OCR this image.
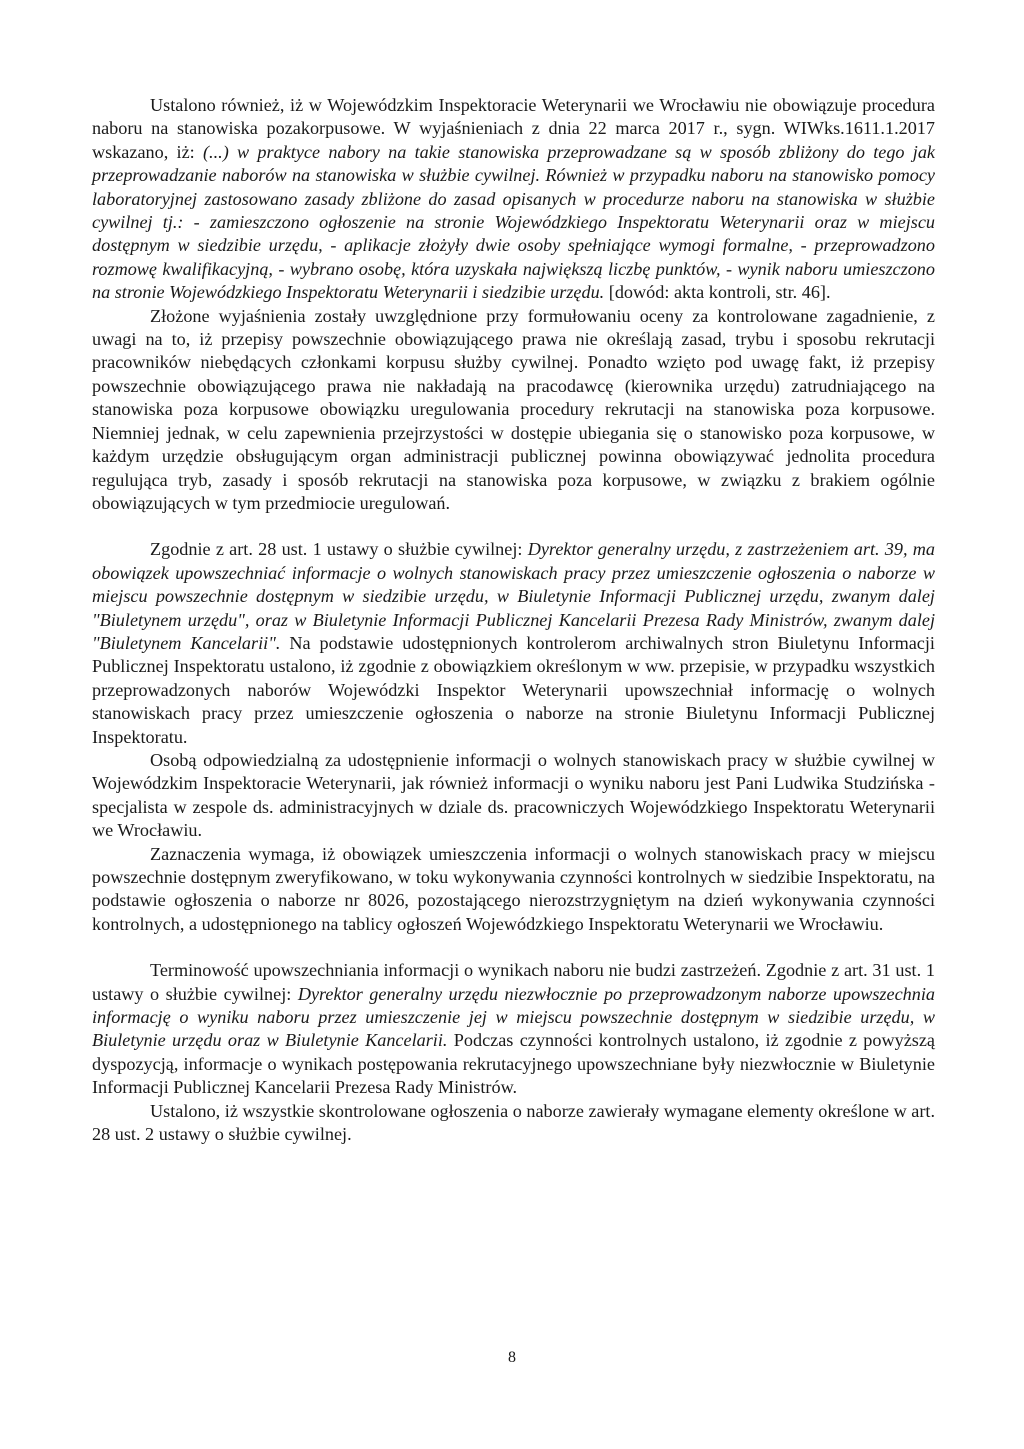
Ustalono również, iż w Wojewódzkim Inspektoracie Weterynarii we Wrocławiu nie obowiązuje procedura naboru na stanowiska pozakorpusowe. W wyjaśnieniach z dnia 22 marca 2017 r., sygn. WIWks.1611.1.2017 wskazano, iż: (...) w praktyce nabory na takie stanowiska przeprowadzane są w sposób zbliżony do tego jak przeprowadzanie naborów na stanowiska w służbie cywilnej. Również w przypadku naboru na stanowisko pomocy laboratoryjnej zastosowano zasady zbliżone do zasad opisanych w procedurze naboru na stanowiska w służbie cywilnej tj.: - zamieszczono ogłoszenie na stronie Wojewódzkiego Inspektoratu Weterynarii oraz w miejscu dostępnym w siedzibie urzędu, - aplikacje złożyły dwie osoby spełniające wymogi formalne, - przeprowadzono rozmowę kwalifikacyjną, - wybrano osobę, która uzyskała największą liczbę punktów, - wynik naboru umieszczono na stronie Wojewódzkiego Inspektoratu Weterynarii i siedzibie urzędu. [dowód: akta kontroli, str. 46].

Złożone wyjaśnienia zostały uwzględnione przy formułowaniu oceny za kontrolowane zagadnienie, z uwagi na to, iż przepisy powszechnie obowiązującego prawa nie określają zasad, trybu i sposobu rekrutacji pracowników niebędących członkami korpusu służby cywilnej. Ponadto wzięto pod uwagę fakt, iż przepisy powszechnie obowiązującego prawa nie nakładają na pracodawcę (kierownika urzędu) zatrudniającego na stanowiska poza korpusowe obowiązku uregulowania procedury rekrutacji na stanowiska poza korpusowe. Niemniej jednak, w celu zapewnienia przejrzystości w dostępie ubiegania się o stanowisko poza korpusowe, w każdym urzędzie obsługującym organ administracji publicznej powinna obowiązywać jednolita procedura regulująca tryb, zasady i sposób rekrutacji na stanowiska poza korpusowe, w związku z brakiem ogólnie obowiązujących w tym przedmiocie uregulowań.

Zgodnie z art. 28 ust. 1 ustawy o służbie cywilnej: Dyrektor generalny urzędu, z zastrzeżeniem art. 39, ma obowiązek upowszechniać informacje o wolnych stanowiskach pracy przez umieszczenie ogłoszenia o naborze w miejscu powszechnie dostępnym w siedzibie urzędu, w Biuletynie Informacji Publicznej urzędu, zwanym dalej "Biuletynem urzędu", oraz w Biuletynie Informacji Publicznej Kancelarii Prezesa Rady Ministrów, zwanym dalej "Biuletynem Kancelarii". Na podstawie udostępnionych kontrolerom archiwalnych stron Biuletynu Informacji Publicznej Inspektoratu ustalono, iż zgodnie z obowiązkiem określonym w ww. przepisie, w przypadku wszystkich przeprowadzonych naborów Wojewódzki Inspektor Weterynarii upowszechniał informację o wolnych stanowiskach pracy przez umieszczenie ogłoszenia o naborze na stronie Biuletynu Informacji Publicznej Inspektoratu.

Osobą odpowiedzialną za udostępnienie informacji o wolnych stanowiskach pracy w służbie cywilnej w Wojewódzkim Inspektoracie Weterynarii, jak również informacji o wyniku naboru jest Pani Ludwika Studzińska - specjalista w zespole ds. administracyjnych w dziale ds. pracowniczych Wojewódzkiego Inspektoratu Weterynarii we Wrocławiu.

Zaznaczenia wymaga, iż obowiązek umieszczenia informacji o wolnych stanowiskach pracy w miejscu powszechnie dostępnym zweryfikowano, w toku wykonywania czynności kontrolnych w siedzibie Inspektoratu, na podstawie ogłoszenia o naborze nr 8026, pozostającego nierozstrzygniętym na dzień wykonywania czynności kontrolnych, a udostępnionego na tablicy ogłoszeń Wojewódzkiego Inspektoratu Weterynarii we Wrocławiu.

Terminowość upowszechniania informacji o wynikach naboru nie budzi zastrzeżeń. Zgodnie z art. 31 ust. 1 ustawy o służbie cywilnej: Dyrektor generalny urzędu niezwłocznie po przeprowadzonym naborze upowszechnia informację o wyniku naboru przez umieszczenie jej w miejscu powszechnie dostępnym w siedzibie urzędu, w Biuletynie urzędu oraz w Biuletynie Kancelarii. Podczas czynności kontrolnych ustalono, iż zgodnie z powyższą dyspozycją, informacje o wynikach postępowania rekrutacyjnego upowszechniane były niezwłocznie w Biuletynie Informacji Publicznej Kancelarii Prezesa Rady Ministrów.

Ustalono, iż wszystkie skontrolowane ogłoszenia o naborze zawierały wymagane elementy określone w art. 28 ust. 2 ustawy o służbie cywilnej.

8
